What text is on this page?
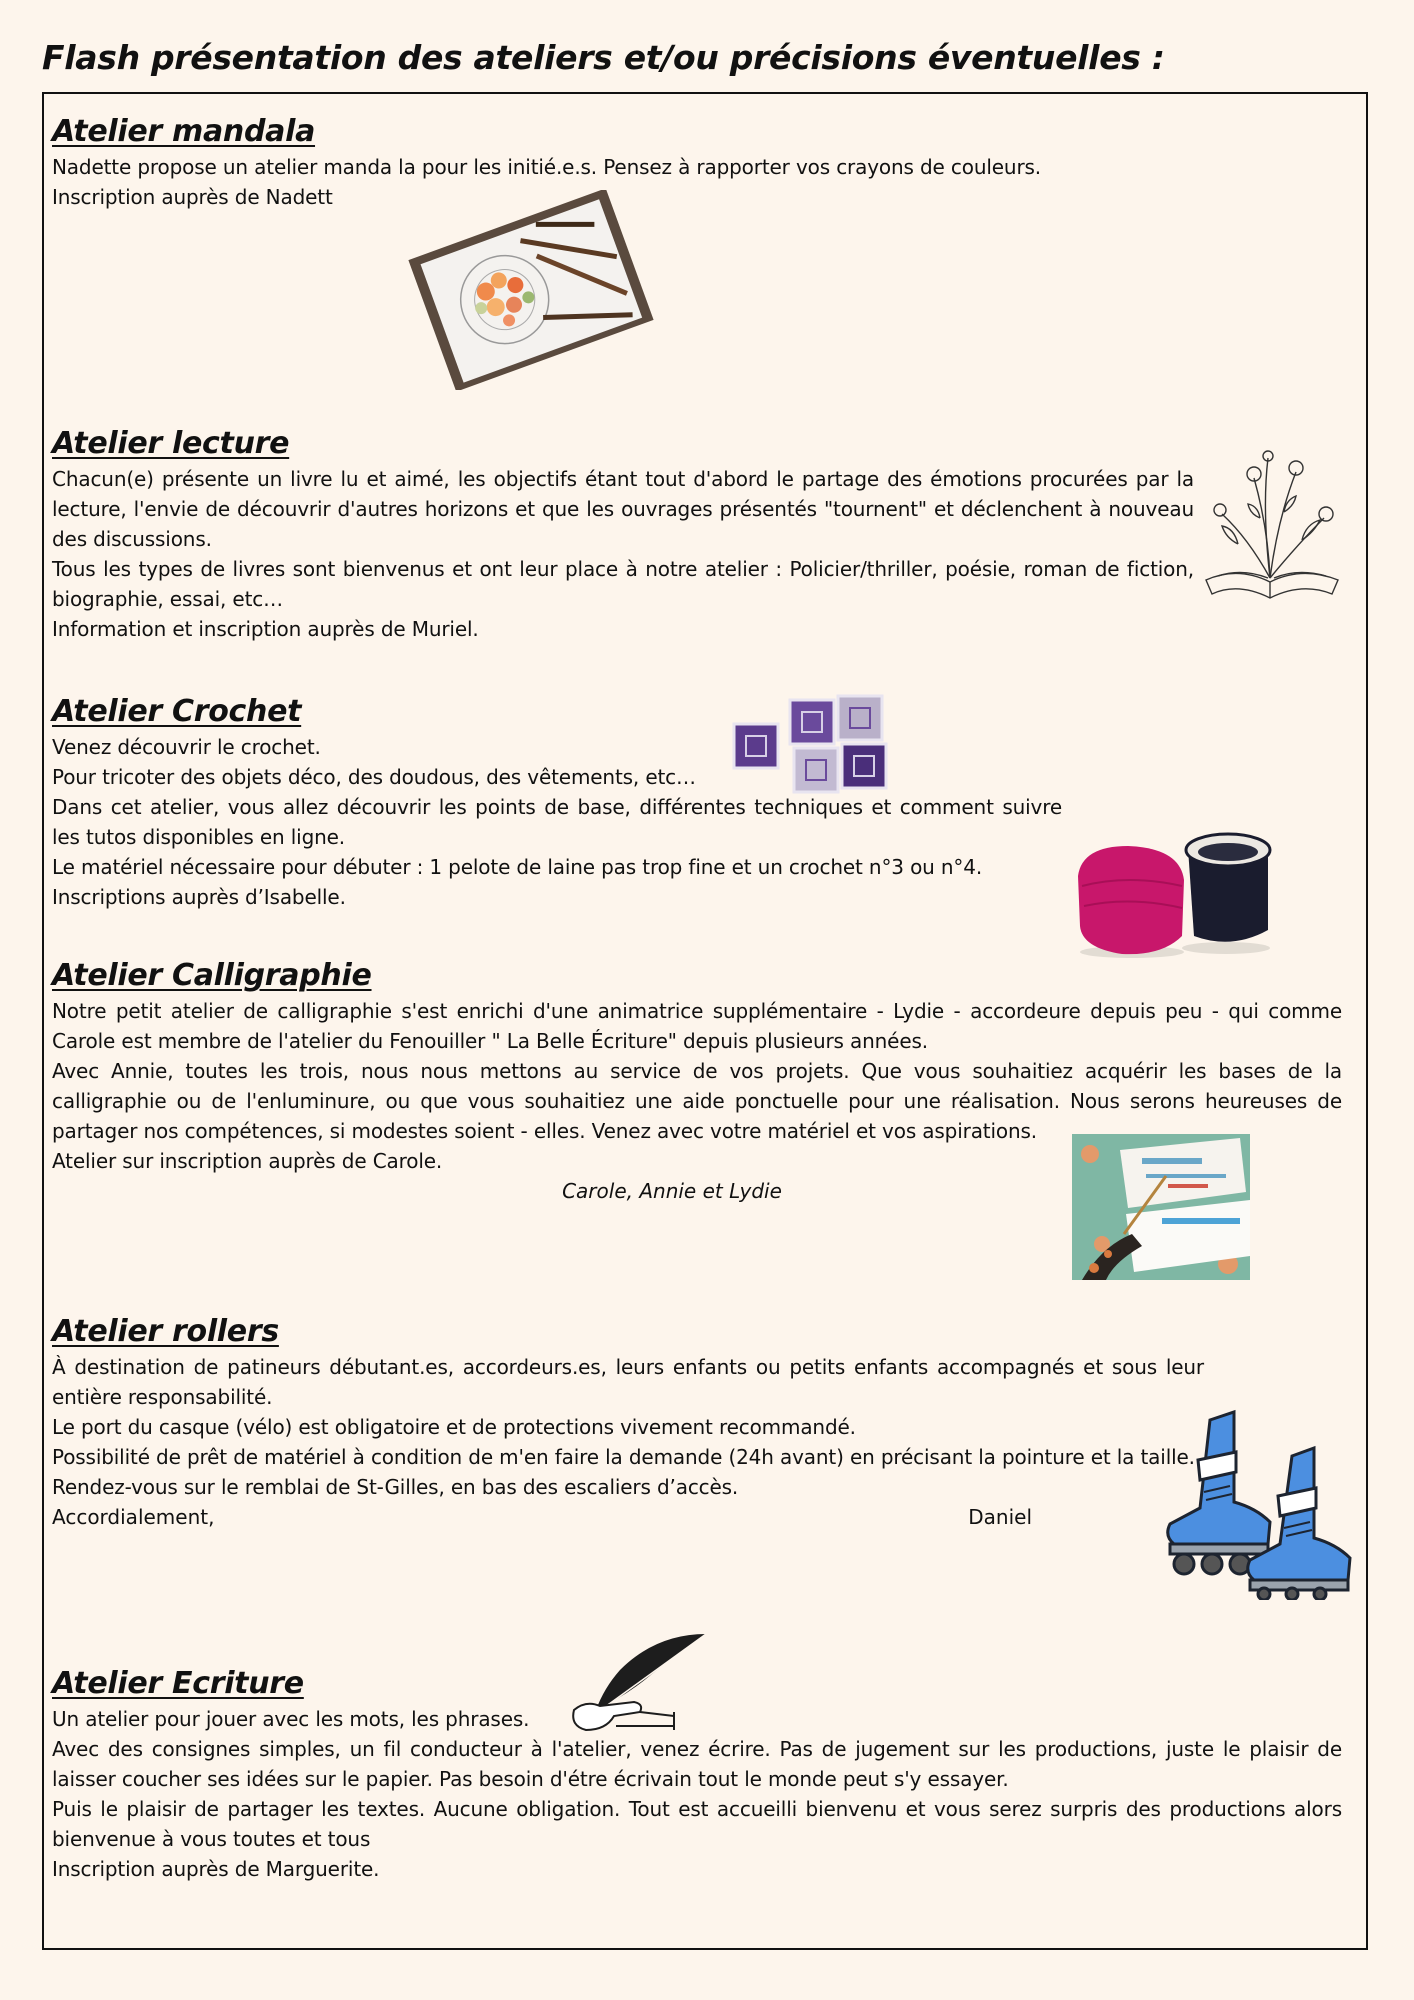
Flash présentation des ateliers et/ou précisions éventuelles :
Atelier mandala

Nadette propose un atelier manda la pour les initié.e.s. Pensez à rapporter vos crayons de couleurs.

Inscription auprès de Nadett

Atelier lecture

Chacun(e) présente un livre lu et aimé, les objectifs étant tout d'abord le partage des émotions procurées par la lecture, l'envie de découvrir d'autres horizons et que les ouvrages présentés "tournent" et déclenchent à nouveau des discussions.

Tous les types de livres sont bienvenus et ont leur place à notre atelier : Policier/thriller, poésie, roman de fiction, biographie, essai, etc…

Information et inscription auprès de Muriel.

Atelier Crochet

Venez découvrir le crochet.

Pour tricoter des objets déco, des doudous, des vêtements, etc…

Dans cet atelier, vous allez découvrir les points de base, différentes techniques et comment suivre les tutos disponibles en ligne.

Le matériel nécessaire pour débuter : 1 pelote de laine pas trop fine et un crochet n°3 ou n°4.

Inscriptions auprès d’Isabelle.

Atelier Calligraphie

Notre petit atelier de calligraphie s'est enrichi d'une animatrice supplémentaire - Lydie - accordeure depuis peu - qui comme Carole est membre de l'atelier du Fenouiller " La Belle Écriture" depuis plusieurs années.

Avec Annie, toutes les trois, nous nous mettons au service de vos projets. Que vous souhaitiez acquérir les bases de la calligraphie ou de l'enluminure, ou que vous souhaitiez une aide ponctuelle pour une réalisation. Nous serons heureuses de partager nos compétences, si modestes soient - elles. Venez avec votre matériel et vos aspirations.

Atelier sur inscription auprès de Carole.

Carole, Annie et Lydie
Atelier rollers

À destination de patineurs débutant.es, accordeurs.es, leurs enfants ou petits enfants accompagnés et sous leur entière responsabilité.

Le port du casque (vélo) est obligatoire et de protections vivement recommandé.

Possibilité de prêt de matériel à condition de m'en faire la demande (24h avant) en précisant la pointure et la taille.

Rendez-vous sur le remblai de St-Gilles, en bas des escaliers d’accès.

Accordialement,	Daniel
Atelier Ecriture

Un atelier pour jouer avec les mots, les phrases.

Avec des consignes simples, un fil conducteur à l'atelier, venez écrire. Pas de jugement sur les productions, juste le plaisir de laisser coucher ses idées sur le papier. Pas besoin d'étre écrivain tout le monde peut s'y essayer.

Puis le plaisir de partager les textes. Aucune obligation. Tout est accueilli bienvenu et vous serez surpris des productions alors bienvenue à vous toutes et tous

Inscription auprès de Marguerite.
